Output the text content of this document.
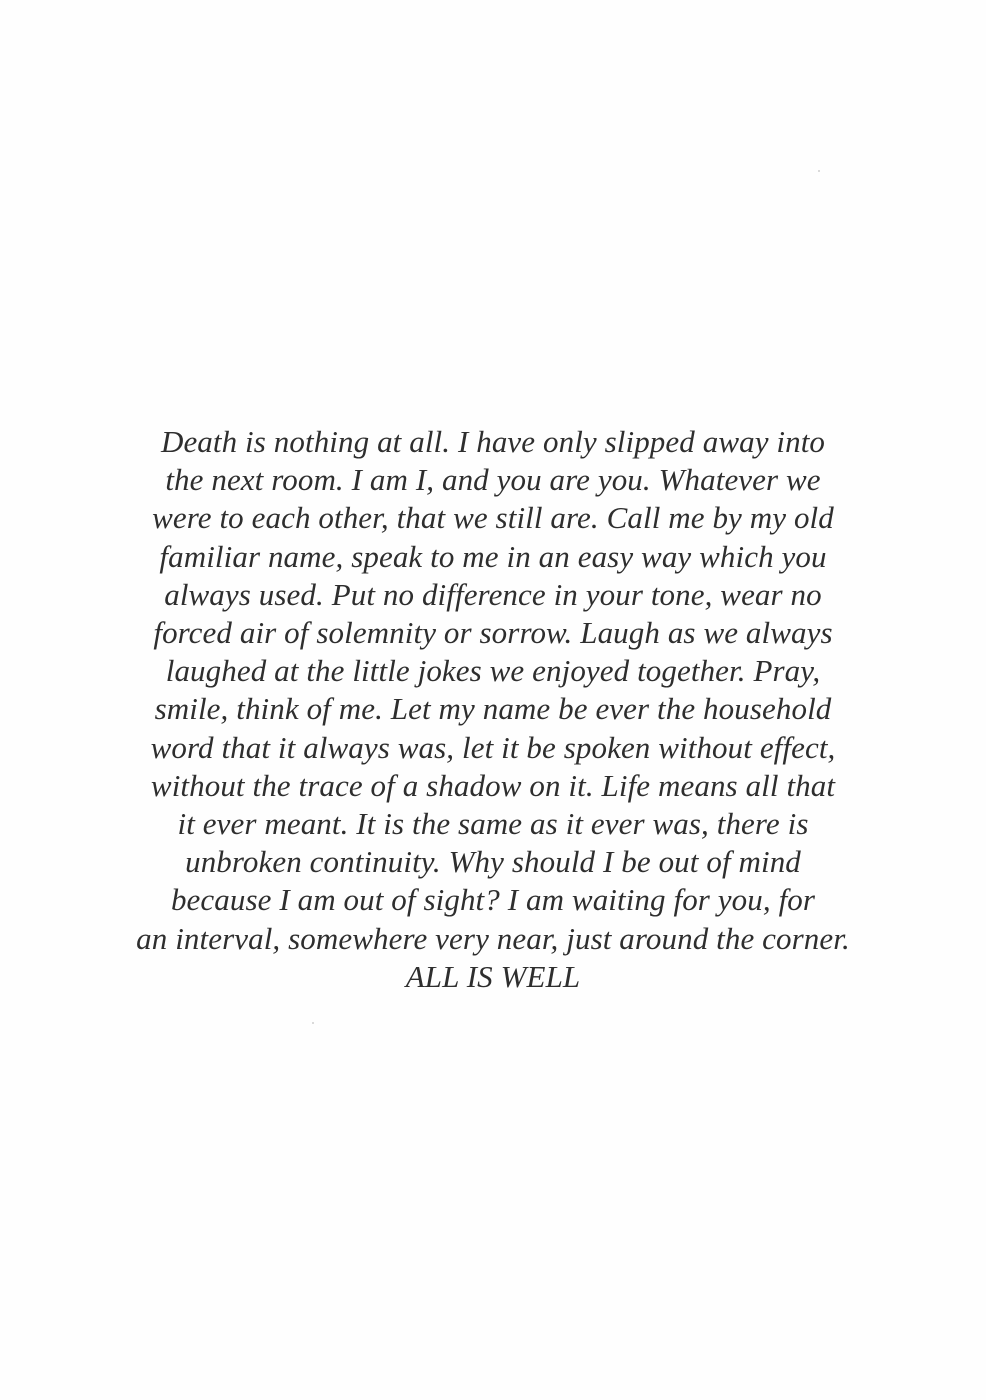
Death is nothing at all. I have only slipped away into
the next room. I am I, and you are you. Whatever we
were to each other, that we still are. Call me by my old
familiar name, speak to me in an easy way which you
always used. Put no difference in your tone, wear no
forced air of solemnity or sorrow. Laugh as we always
laughed at the little jokes we enjoyed together. Pray,
smile, think of me. Let my name be ever the household
word that it always was, let it be spoken without effect,
without the trace of a shadow on it. Life means all that
it ever meant. It is the same as it ever was, there is
unbroken continuity. Why should I be out of mind
because I am out of sight? I am waiting for you, for
an interval, somewhere very near, just around the corner.
ALL IS WELL
